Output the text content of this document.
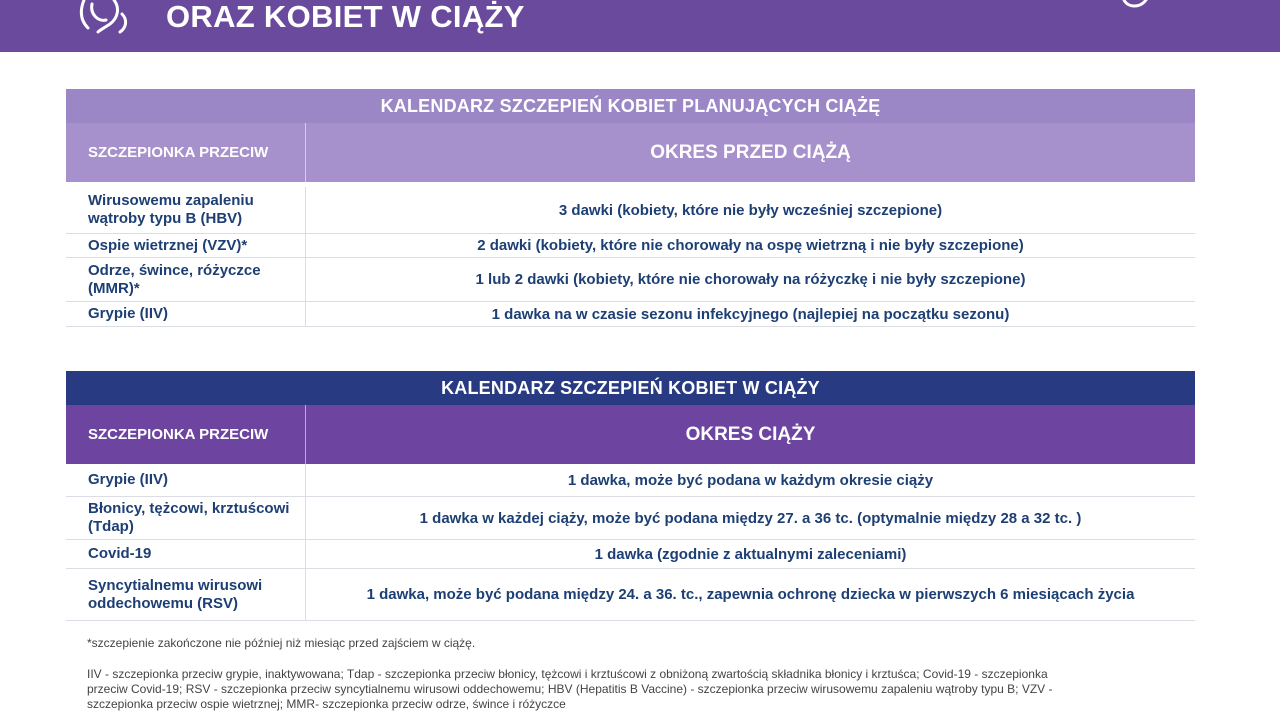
ORAZ KOBIET W CIĄŻY
KALENDARZ SZCZEPIEŃ KOBIET PLANUJĄCYCH CIĄŻĘ
SZCZEPIONKA PRZECIW	OKRES PRZED CIĄŻĄ
Wirusowemu zapaleniu wątroby typu B (HBV)	3 dawki (kobiety, które nie były wcześniej szczepione)
Ospie wietrznej (VZV)*	2 dawki (kobiety, które nie chorowały na ospę wietrzną i nie były szczepione)
Odrze, śwince, różyczce (MMR)*	1 lub 2 dawki (kobiety, które nie chorowały na różyczkę i nie były szczepione)
Grypie (IIV)	1 dawka na w czasie sezonu infekcyjnego (najlepiej na początku sezonu)
KALENDARZ SZCZEPIEŃ KOBIET W CIĄŻY
SZCZEPIONKA PRZECIW	OKRES CIĄŻY
Grypie (IIV)	1 dawka, może być podana w każdym okresie ciąży
Błonicy, tężcowi, krztuścowi (Tdap)	1 dawka w każdej ciąży, może być podana między 27. a 36 tc. (optymalnie między 28 a 32 tc. )
Covid-19	1 dawka (zgodnie z aktualnymi zaleceniami)
Syncytialnemu wirusowi oddechowemu (RSV)	1 dawka, może być podana między 24. a 36. tc., zapewnia ochronę dziecka w pierwszych 6 miesiącach życia
*szczepienie zakończone nie później niż miesiąc przed zajściem w ciążę.
IIV - szczepionka przeciw grypie, inaktywowana; Tdap - szczepionka przeciw błonicy, tężcowi i krztuścowi z obniżoną zwartością składnika błonicy i krztuśca; Covid-19 - szczepionka przeciw Covid-19; RSV - szczepionka przeciw syncytialnemu wirusowi oddechowemu; HBV (Hepatitis B Vaccine) - szczepionka przeciw wirusowemu zapaleniu wątroby typu B; VZV - szczepionka przeciw ospie wietrznej; MMR- szczepionka przeciw odrze, śwince i różyczce
